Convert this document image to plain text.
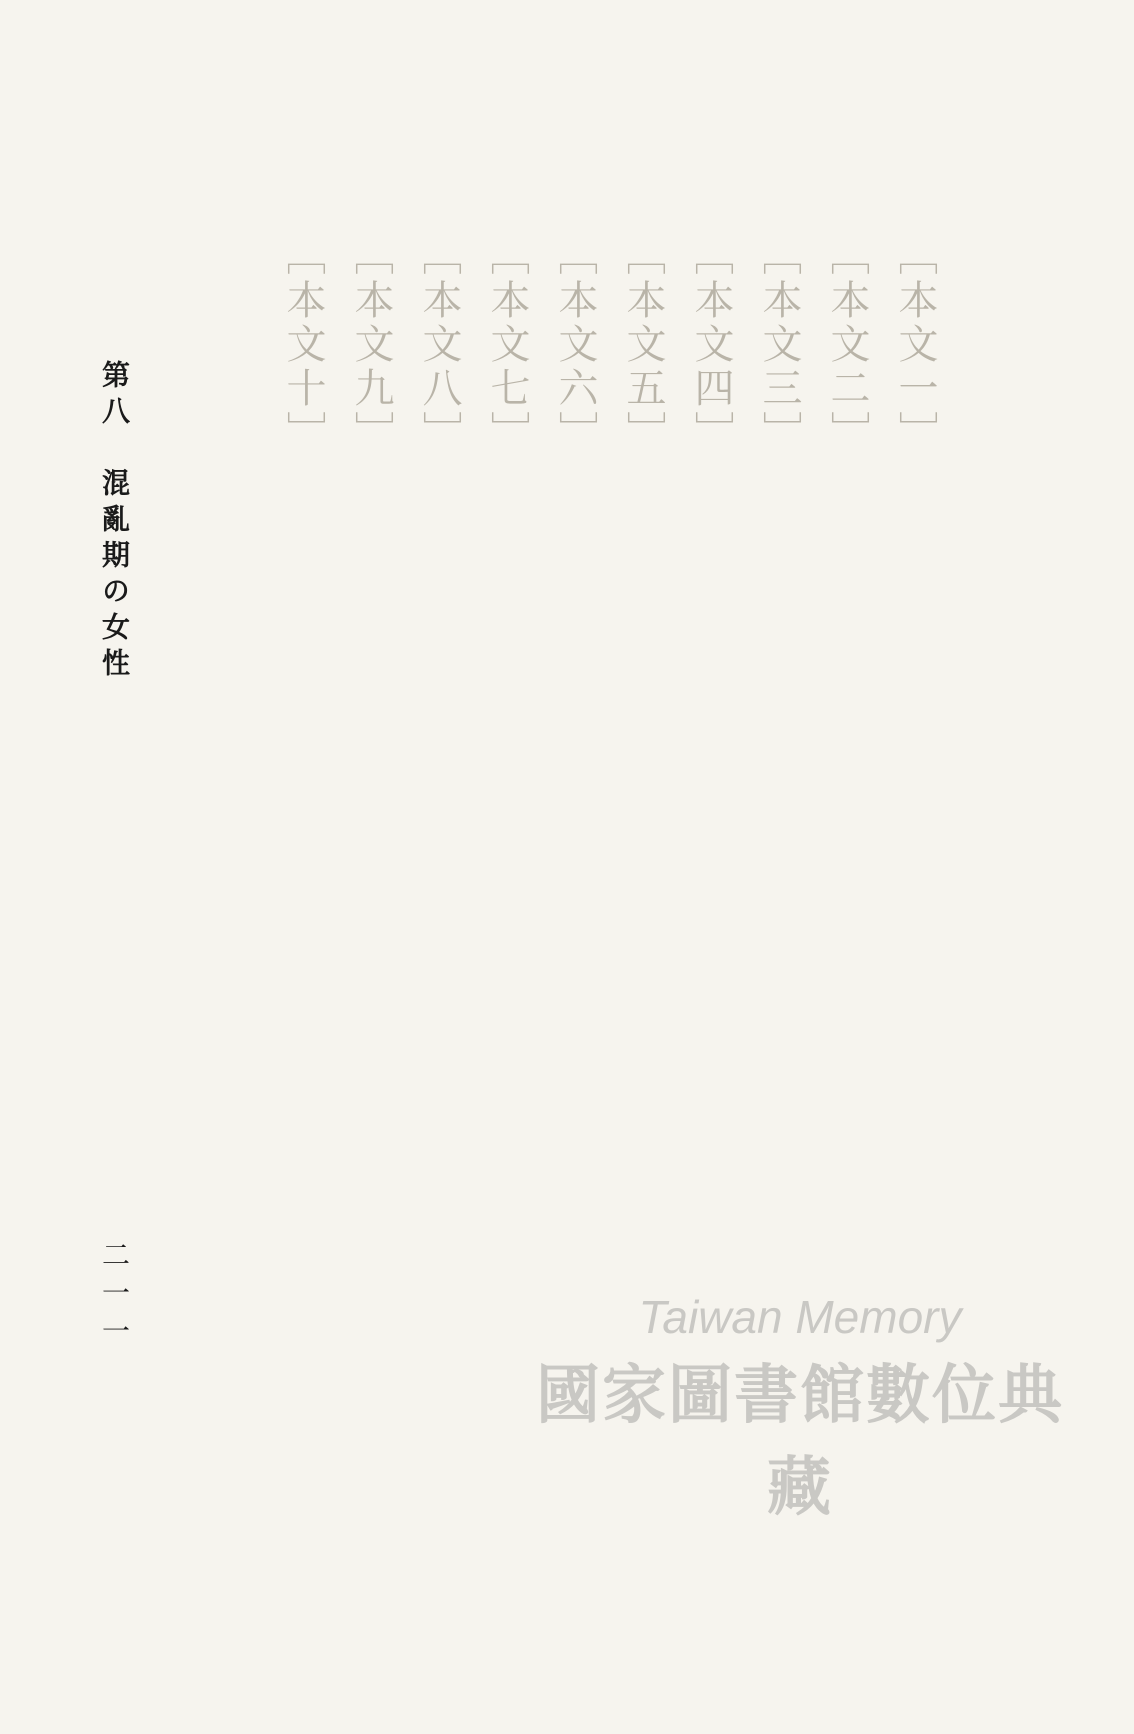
［本文一］
［本文二］
［本文三］
［本文四］
［本文五］
［本文六］
［本文七］
［本文八］
［本文九］
［本文十］
第八　混亂期の女性
二一一	Taiwan Memory
國家圖書館數位典藏
